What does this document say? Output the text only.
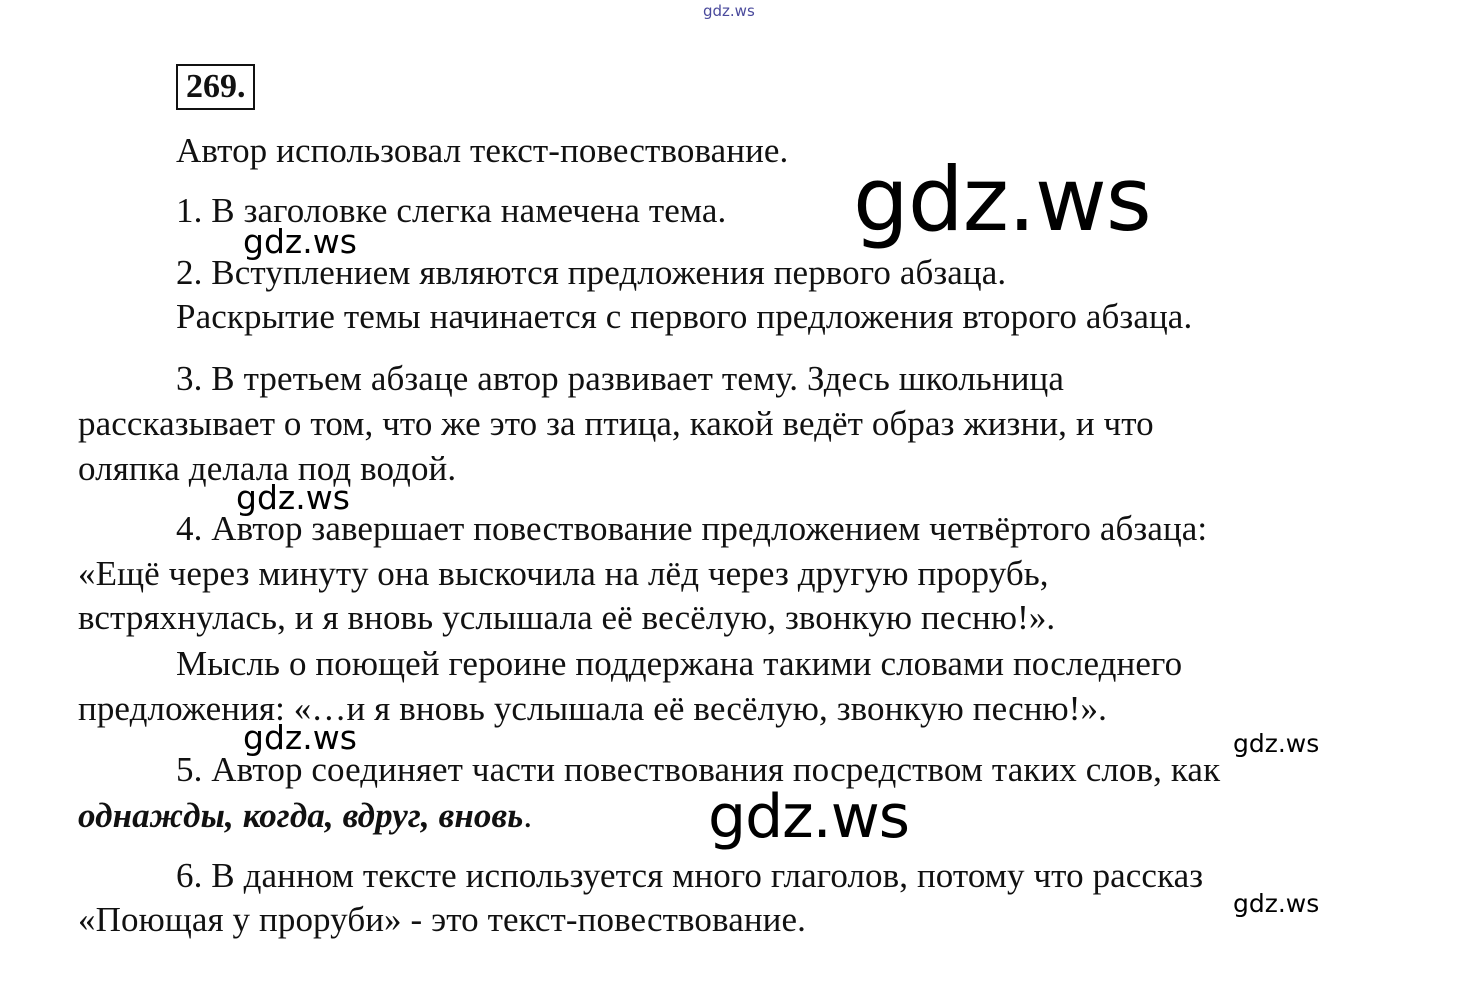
gdz.ws
269.
Автор использовал текст-повествование.
1. В заголовке слегка намечена тема.
2. Вступлением являются предложения первого абзаца.
Раскрытие темы начинается с первого предложения второго абзаца.
3. В третьем абзаце автор развивает тему. Здесь школьница
рассказывает о том, что же это за птица, какой ведёт образ жизни, и что
оляпка делала под водой.
4. Автор завершает повествование предложением четвёртого абзаца:
«Ещё через минуту она выскочила на лёд через другую прорубь,
встряхнулась, и я вновь услышала её весёлую, звонкую песню!».
Мысль о поющей героине поддержана такими словами последнего
предложения: «…и я вновь услышала её весёлую, звонкую песню!».
5. Автор соединяет части повествования посредством таких слов, как
однажды, когда, вдруг, вновь.
6. В данном тексте используется много глаголов, потому что рассказ
«Поющая у проруби» - это текст-повествование.
gdz.ws
gdz.ws
gdz.ws
gdz.ws	gdz.ws
gdz.ws
gdz.ws
